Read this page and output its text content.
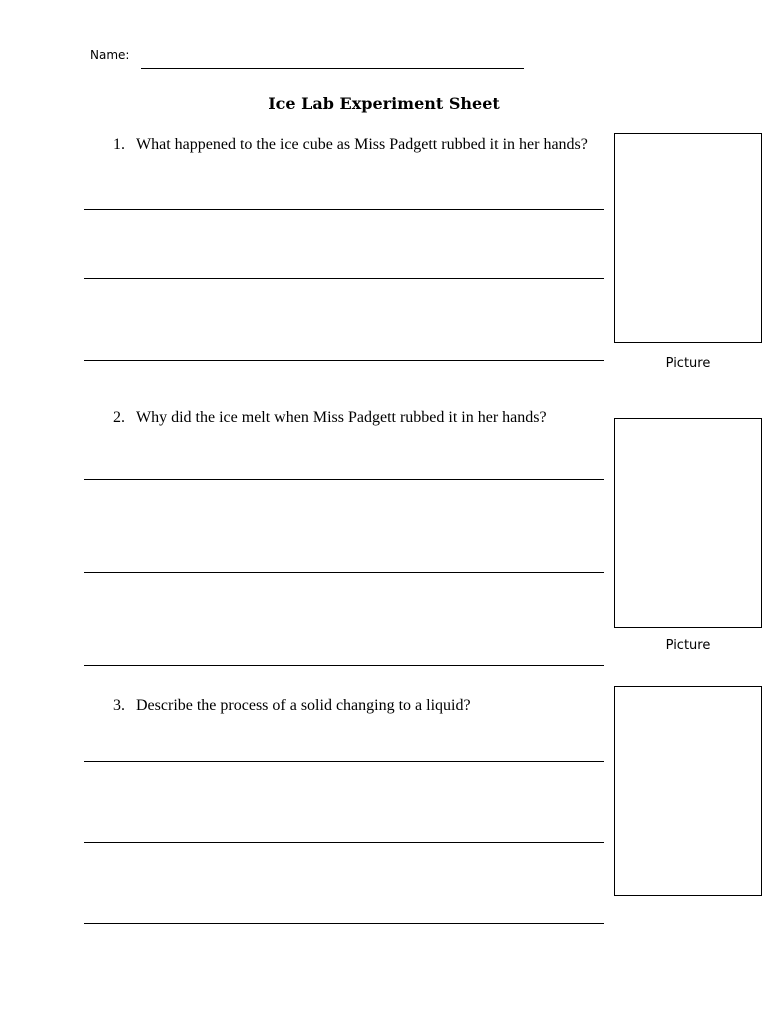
Name:
Ice Lab Experiment Sheet
1. What happened to the ice cube as Miss Padgett rubbed it in her hands?
Picture
2. Why did the ice melt when Miss Padgett rubbed it in her hands?
Picture
3. Describe the process of a solid changing to a liquid?
